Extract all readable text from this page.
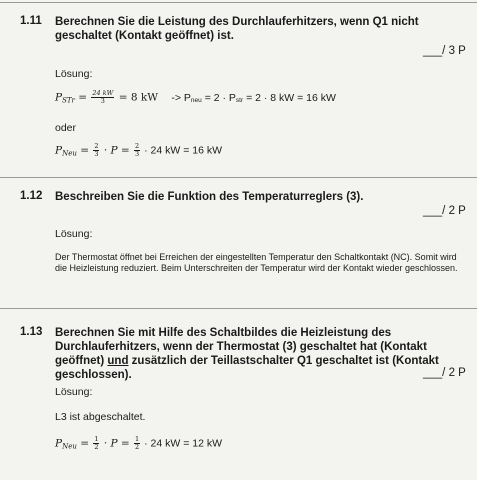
1.11 Berechnen Sie die Leistung des Durchlauferhitzers, wenn Q1 nicht geschaltet (Kontakt geöffnet) ist.
___/ 3 P
Lösung:
$P_{STr} = \frac{24 kW}{3} = 8$ kW -> Pneu = 2 · Pstr = 2 · 8 kW = 16 kW
oder
$P_{Neu} = \frac{2}{3} \cdot P = \frac{2}{3} \cdot 24$ kW = 16 kW
1.12 Beschreiben Sie die Funktion des Temperaturreglers (3).
___/ 2 P
Lösung:
Der Thermostat öffnet bei Erreichen der eingestellten Temperatur den Schaltkontakt (NC). Somit wird die Heizleistung reduziert. Beim Unterschreiten der Temperatur wird der Kontakt wieder geschlossen.
1.13 Berechnen Sie mit Hilfe des Schaltbildes die Heizleistung des Durchlauferhitzers, wenn der Thermostat (3) geschaltet hat (Kontakt geöffnet) und zusätzlich der Teillastschalter Q1 geschaltet ist (Kontakt geschlossen).	___/ 2 P
Lösung:
L3 ist abgeschaltet.
$P_{Neu} = \frac{1}{2} \cdot P = \frac{1}{2} \cdot 24$ kW = 12 kW
